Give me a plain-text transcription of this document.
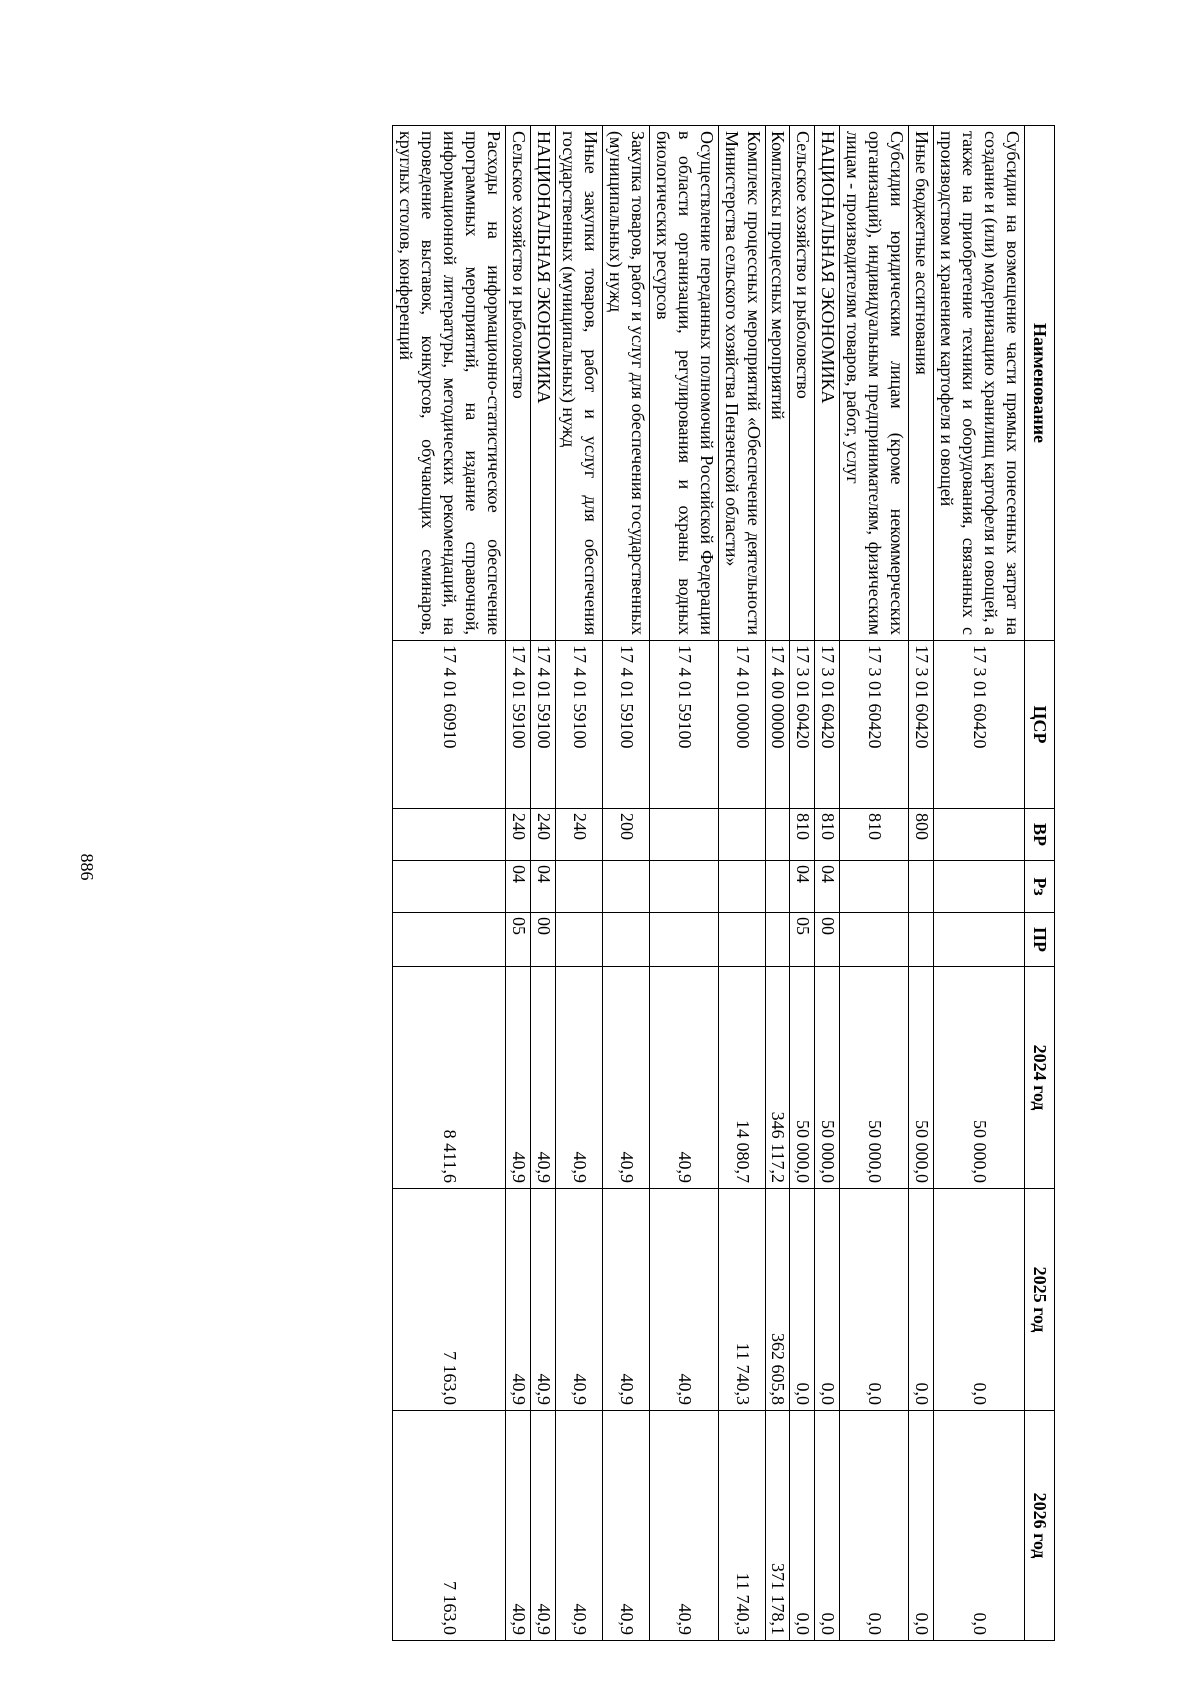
886
Наименование	ЦСР	ВР	Рз	ПР	2024 год	2025 год	2026 год
Субсидии на возмещение части прямых понесенных затрат на создание и (или) модернизацию хранилищ картофеля и овощей, а также на приобретение техники и оборудования, связанных с производством и хранением картофеля и овощей	17 3 01 60420				50 000,0	0,0	0,0
Иные бюджетные ассигнования	17 3 01 60420	800			50 000,0	0,0	0,0
Субсидии юридическим лицам (кроме некоммерческих организаций), индивидуальным предпринимателям, физическим лицам - производителям товаров, работ, услуг	17 3 01 60420	810			50 000,0	0,0	0,0
НАЦИОНАЛЬНАЯ ЭКОНОМИКА	17 3 01 60420	810	04	00	50 000,0	0,0	0,0
Сельское хозяйство и рыболовство	17 3 01 60420	810	04	05	50 000,0	0,0	0,0
Комплексы процессных мероприятий	17 4 00 00000				346 117,2	362 605,8	371 178,1
Комплекс процессных мероприятий «Обеспечение деятельности Министерства сельского хозяйства Пензенской области»	17 4 01 00000				14 080,7	11 740,3	11 740,3
Осуществление переданных полномочий Российской Федерации в области организации, регулирования и охраны водных биологических ресурсов	17 4 01 59100				40,9	40,9	40,9
Закупка товаров, работ и услуг для обеспечения государственных (муниципальных) нужд	17 4 01 59100	200			40,9	40,9	40,9
Иные закупки товаров, работ и услуг для обеспечения государственных (муниципальных) нужд	17 4 01 59100	240			40,9	40,9	40,9
НАЦИОНАЛЬНАЯ ЭКОНОМИКА	17 4 01 59100	240	04	00	40,9	40,9	40,9
Сельское хозяйство и рыболовство	17 4 01 59100	240	04	05	40,9	40,9	40,9
Расходы на информационно-статистическое обеспечение программных мероприятий, на издание справочной, информационной литературы, методических рекомендаций, на проведение выставок, конкурсов, обучающих семинаров, круглых столов, конференций	17 4 01 60910				8 411,6	7 163,0	7 163,0
